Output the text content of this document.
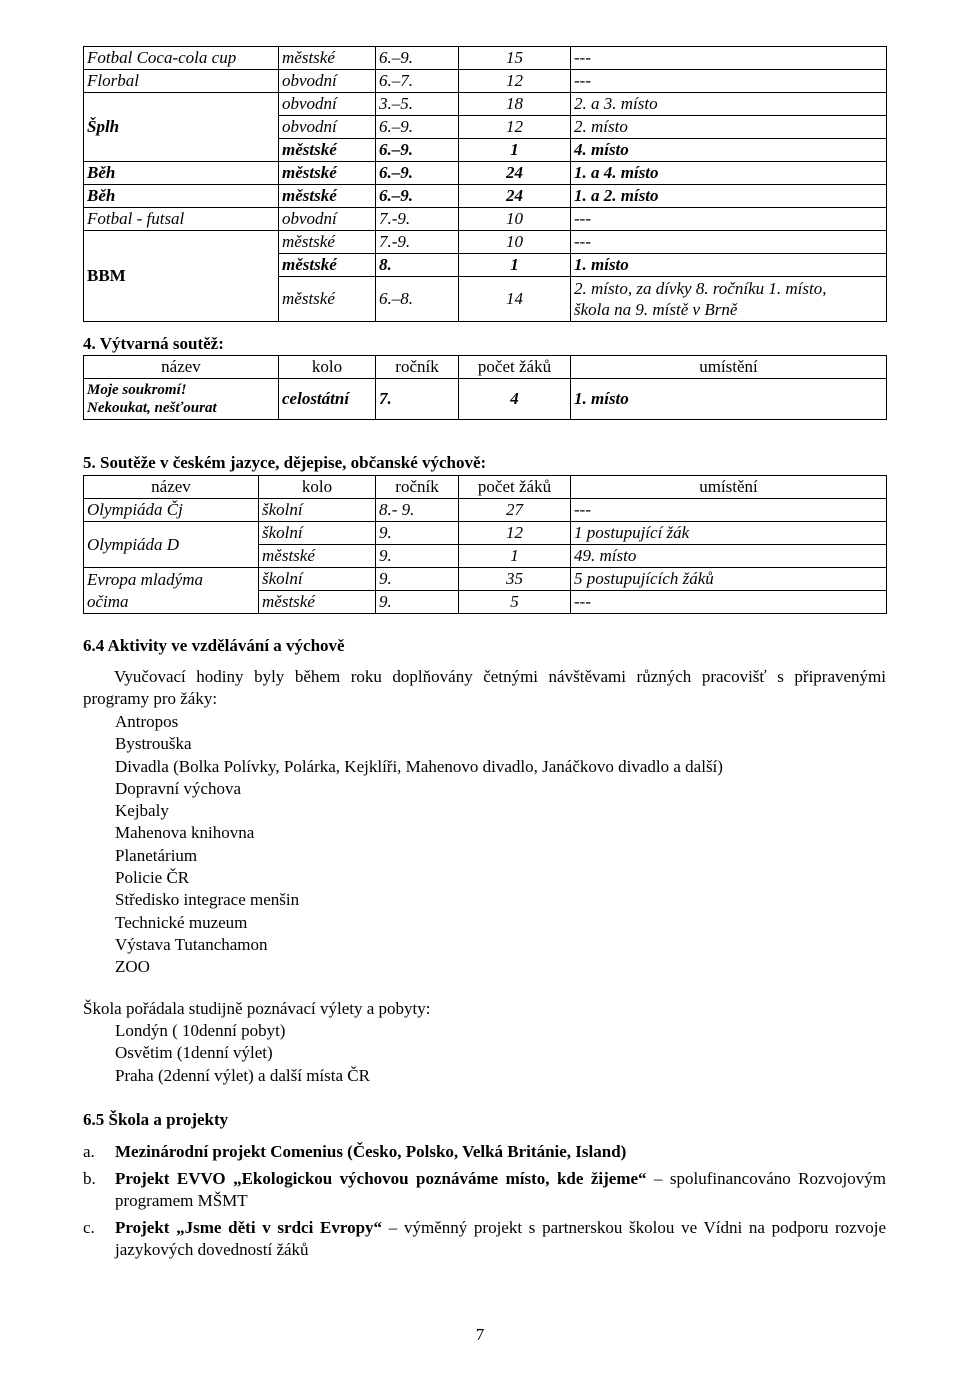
Fotbal Coca-cola cup	městské	6.–9.	15	---
Florbal	obvodní	6.–7.	12	---
Šplh	obvodní	3.–5.	18	2. a 3. místo
	obvodní	6.–9.	12	2. místo
	městské	6.–9.	1	4. místo
Běh	městské	6.–9.	24	1. a 4. místo
Běh	městské	6.–9.	24	1. a 2. místo
Fotbal - futsal	obvodní	7.-9.	10	---
BBM	městské	7.-9.	10	---
	městské	8.	1	1. místo
	městské	6.–8.	14	2. místo, za dívky 8. ročníku 1. místo,
škola na 9. místě v Brně
4. Výtvarná soutěž:
název	kolo	ročník	počet žáků	umístění

Moje soukromí!
Nekoukat, nešťourat	celostátní	7.	4	1. místo
5. Soutěže v českém jazyce, dějepise, občanské výchově:
název	kolo	ročník	počet žáků	umístění
Olympiáda Čj	školní	8.- 9.	27	---
Olympiáda D	školní	9.	12	1 postupující žák
	městské	9.	1	49. místo

Evropa mladýma
očima	školní	9.	35	5 postupujících žáků
	městské	9.	5	---
6.4 Aktivity ve vzdělávání a výchově
Vyučovací hodiny byly během roku doplňovány četnými návštěvami různých pracovišť s připravenými programy pro žáky:
Antropos
Bystrouška
Divadla (Bolka Polívky, Polárka, Kejklíři, Mahenovo divadlo, Janáčkovo divadlo a další)
Dopravní výchova
Kejbaly
Mahenova knihovna
Planetárium
Policie ČR
Středisko integrace menšin
Technické muzeum
Výstava Tutanchamon
ZOO
Škola pořádala studijně poznávací výlety a pobyty:
Londýn ( 10denní pobyt)
Osvětim (1denní výlet)
Praha (2denní výlet) a další místa ČR
6.5 Škola a projekty
a. Mezinárodní projekt Comenius (Česko, Polsko, Velká Británie, Island)
b. Projekt EVVO „Ekologickou výchovou poznáváme místo, kde žijeme“ – spolufinancováno Rozvojovým programem MŠMT
c. Projekt „Jsme děti v srdci Evropy“ – výměnný projekt s partnerskou školou ve Vídni na podporu rozvoje jazykových dovedností žáků
7
